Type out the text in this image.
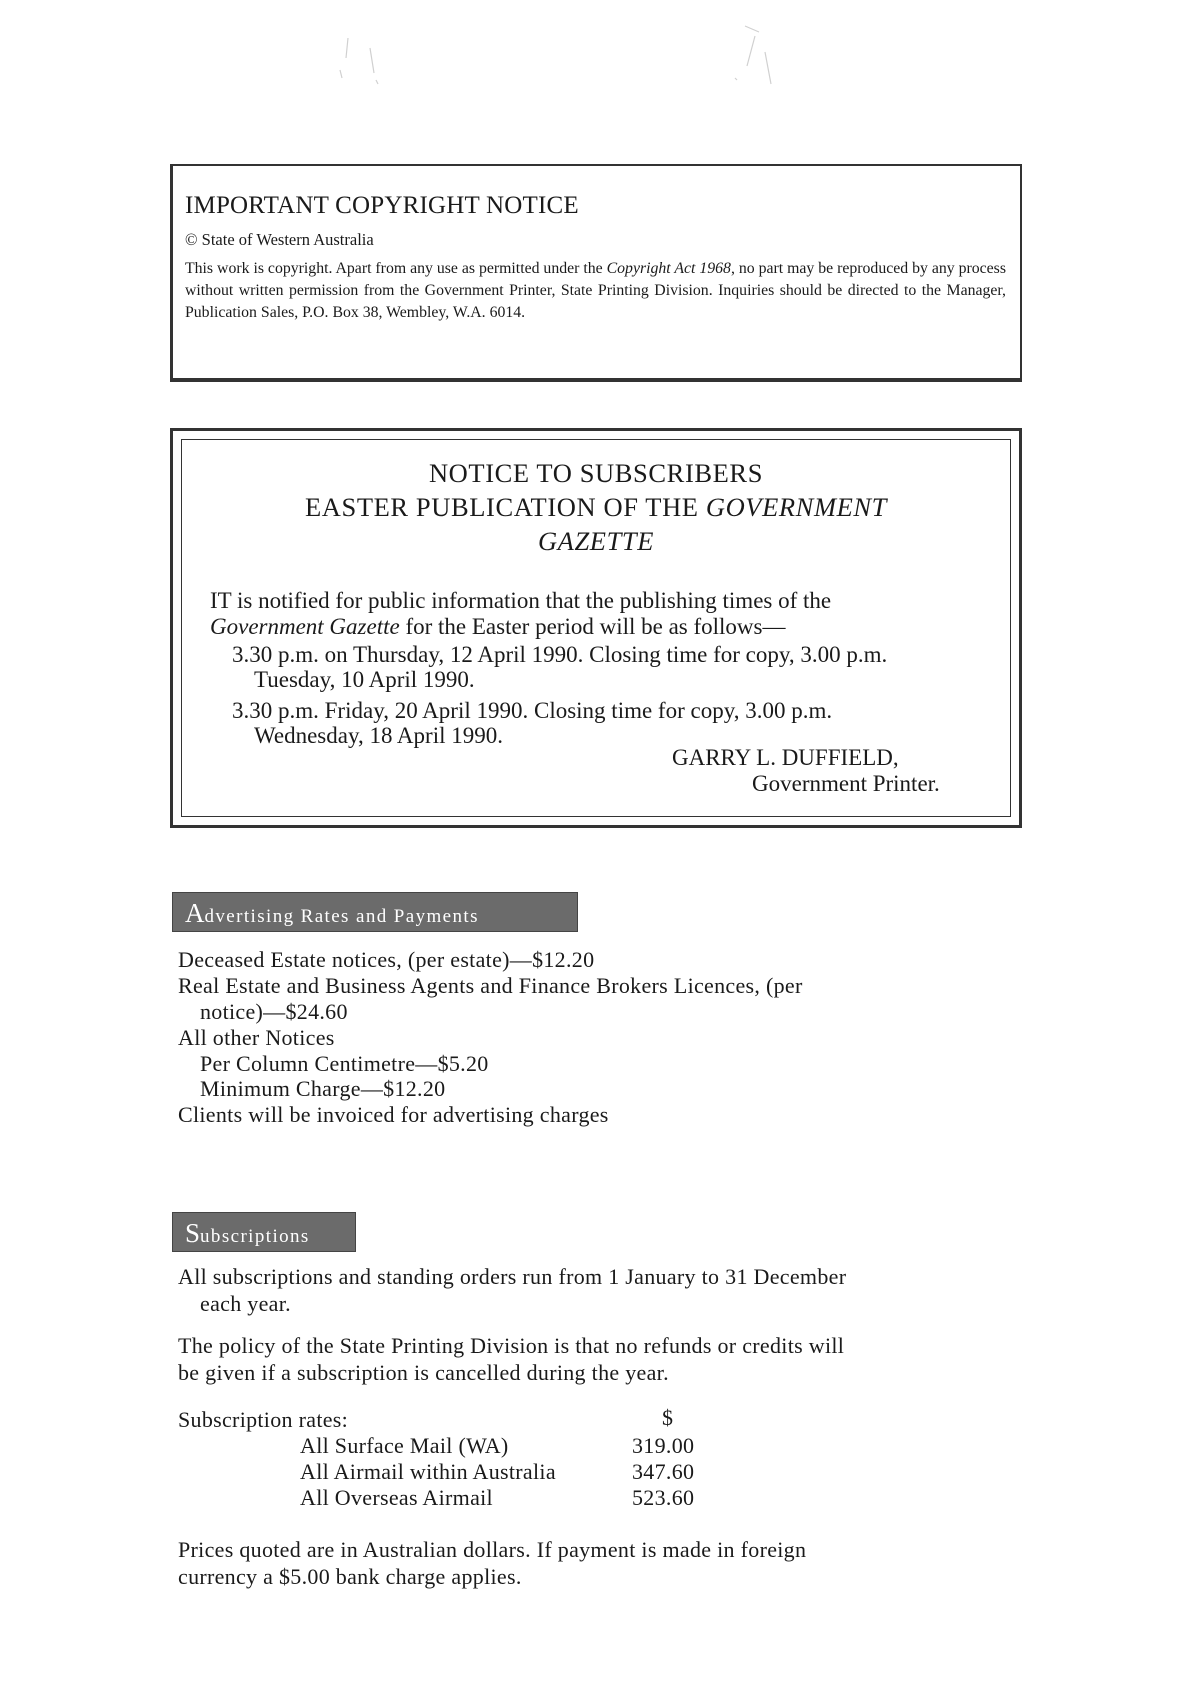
IMPORTANT COPYRIGHT NOTICE

© State of Western Australia

This work is copyright. Apart from any use as permitted under the Copyright Act 1968, no part may be reproduced by any process without written permission from the Government Printer, State Printing Division. Inquiries should be directed to the Manager, Publication Sales, P.O. Box 38, Wembley, W.A. 6014.

NOTICE TO SUBSCRIBERS
EASTER PUBLICATION OF THE GOVERNMENT
GAZETTE
IT is notified for public information that the publishing times of the
Government Gazette for the Easter period will be as follows—
3.30 p.m. on Thursday, 12 April 1990. Closing time for copy, 3.00 p.m.
Tuesday, 10 April 1990.
3.30 p.m. Friday, 20 April 1990. Closing time for copy, 3.00 p.m.
Wednesday, 18 April 1990.
GARRY L. DUFFIELD,
Government Printer.
Advertising Rates and Payments
Deceased Estate notices, (per estate)—$12.20
Real Estate and Business Agents and Finance Brokers Licences, (per
notice)—$24.60
All other Notices
Per Column Centimetre—$5.20
Minimum Charge—$12.20
Clients will be invoiced for advertising charges
Subscriptions
All subscriptions and standing orders run from 1 January to 31 December
each year.
The policy of the State Printing Division is that no refunds or credits will
be given if a subscription is cancelled during the year.
Subscription rates:	$
All Surface Mail (WA)	319.00
All Airmail within Australia	347.60
All Overseas Airmail	523.60
Prices quoted are in Australian dollars. If payment is made in foreign
currency a $5.00 bank charge applies.
